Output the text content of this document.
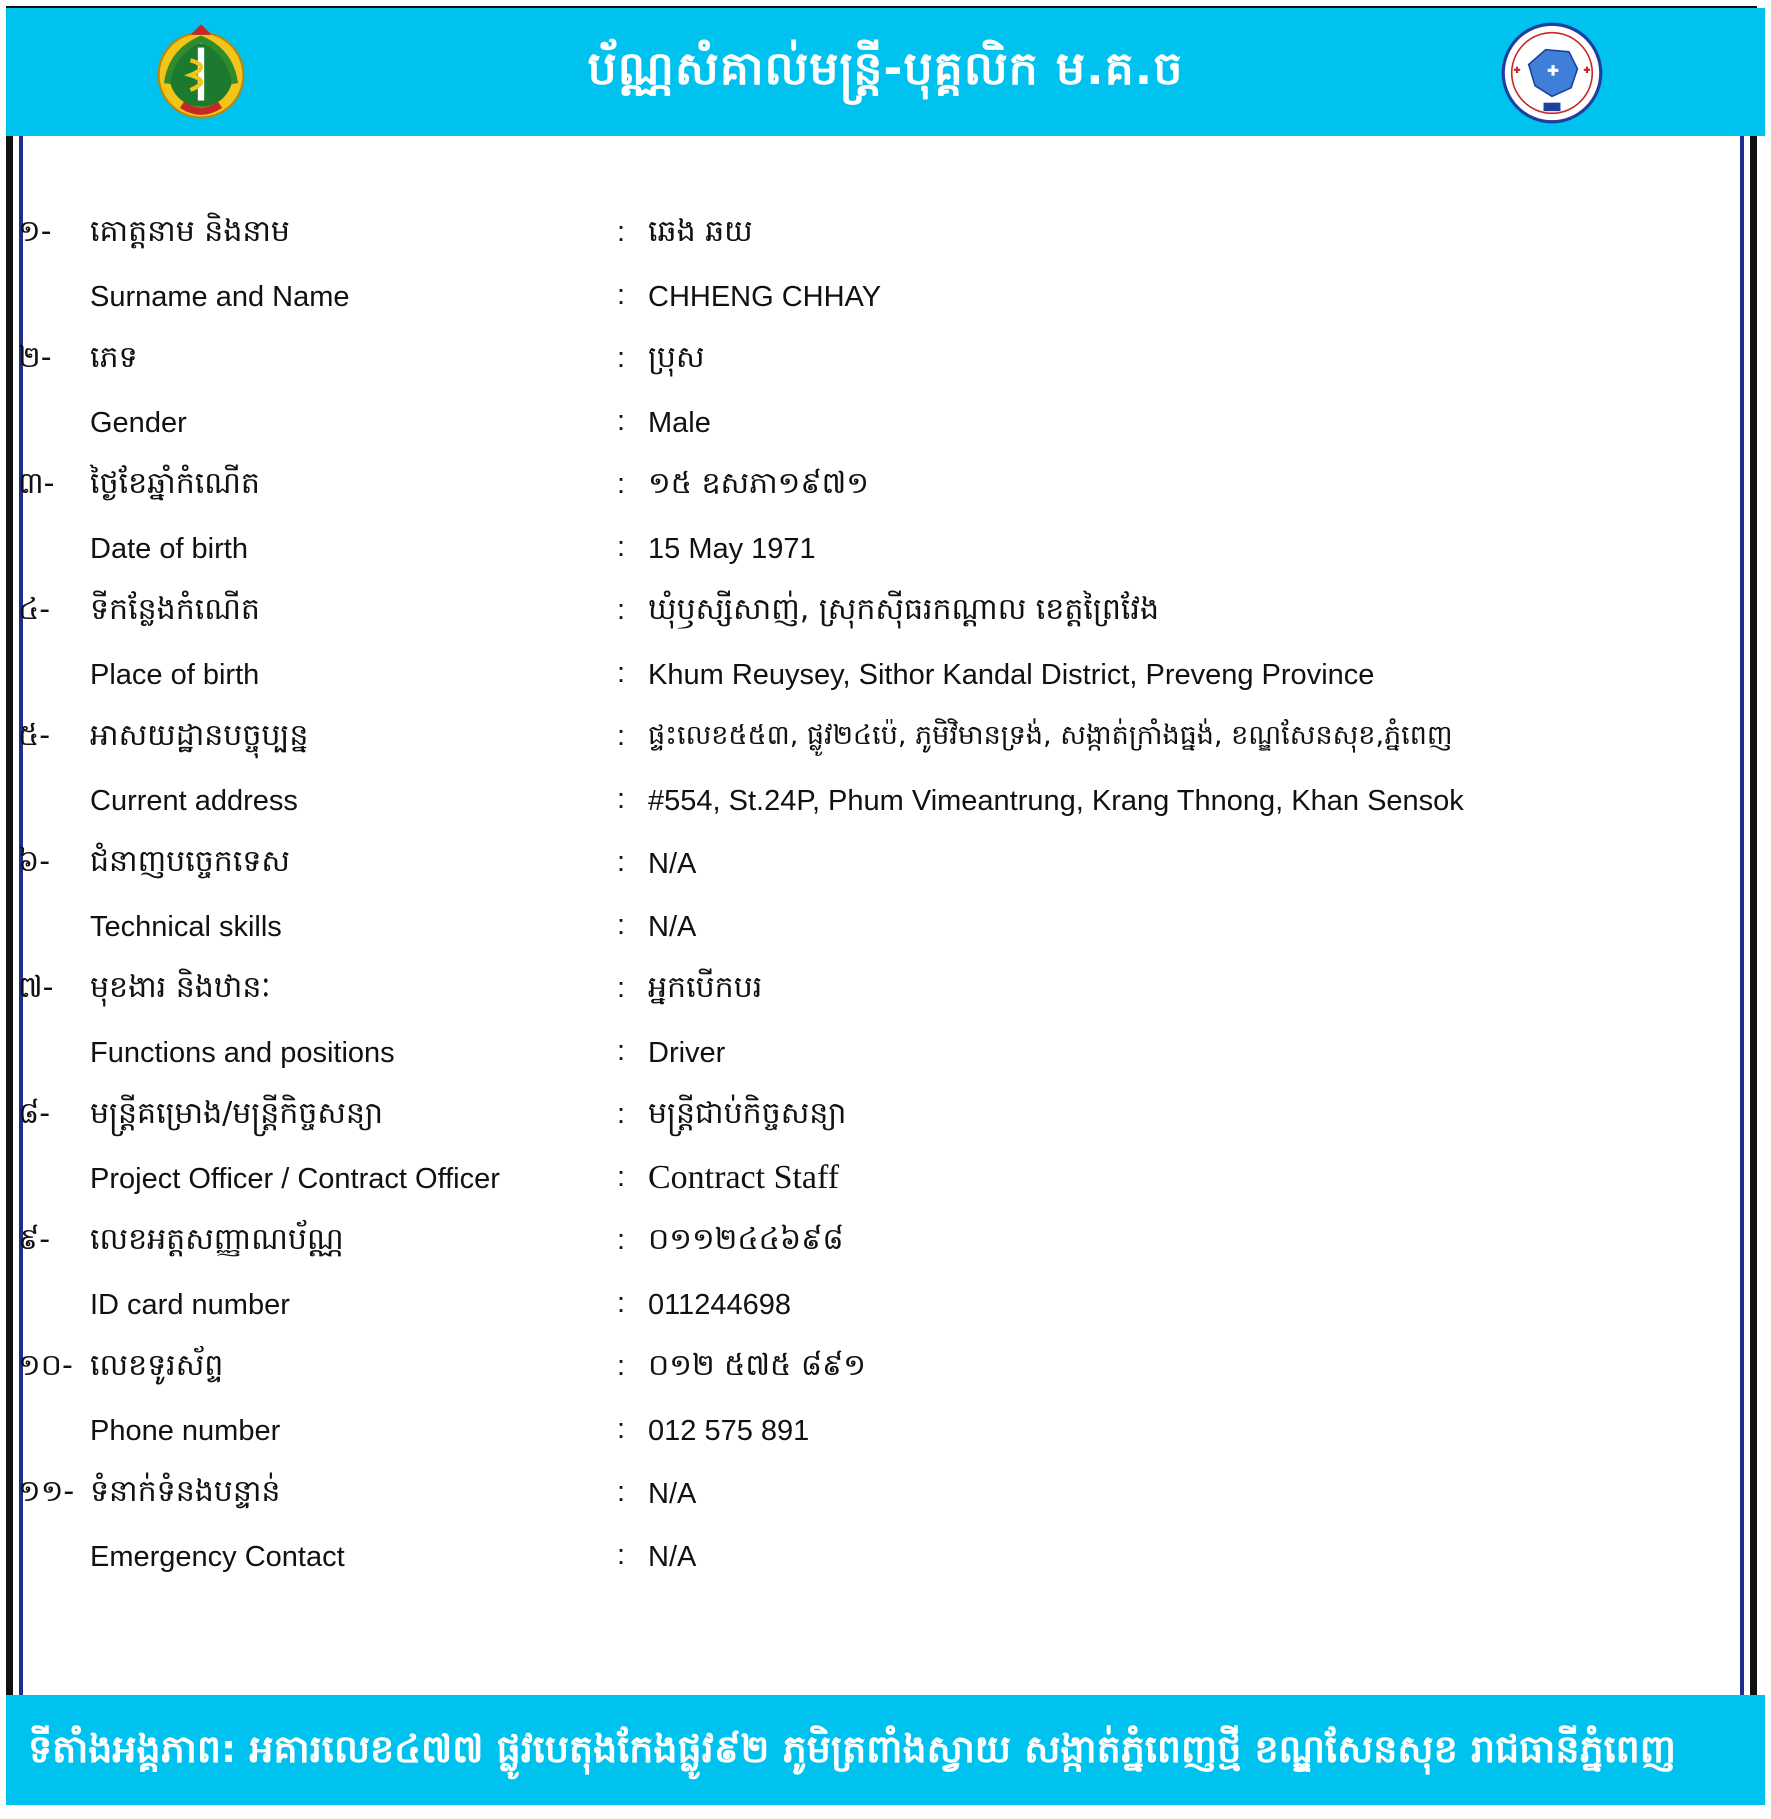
ប័ណ្ណសំគាល់មន្ត្រី-បុគ្គលិក ម.គ.ច
១- គោត្តនាម និងនាម	: ឆេង ឆយ
Surname and Name	: CHHENG CHHAY
២- ភេទ	: ប្រុស
Gender	: Male
៣- ថ្ងៃខែឆ្នាំកំណើត	: ១៥ ឧសភា១៩៧១
Date of birth	: 15 May 1971
៤- ទីកន្លែងកំណើត	: ឃុំឫស្សីសាញ់, ស្រុកស៊ីធរកណ្តាល ខេត្តព្រៃវែង
Place of birth	: Khum Reuysey, Sithor Kandal District, Preveng Province
៥- អាសយដ្ឋានបច្ចុប្បន្ន	: ផ្ទះលេខ៥៥៣, ផ្លូវ២៤ប៉េ, ភូមិវិមានទ្រង់, សង្កាត់ក្រាំងធ្នង់, ខណ្ឌសែនសុខ,ភ្នំពេញ
Current address	: #554, St.24P, Phum Vimeantrung, Krang Thnong, Khan Sensok
៦- ជំនាញបច្ចេកទេស	: N/A
Technical skills	: N/A
៧- មុខងារ និងឋានៈ	: អ្នកបើកបរ
Functions and positions	: Driver
៨- មន្ត្រីគម្រោង/មន្ត្រីកិច្ចសន្យា	: មន្ត្រីជាប់កិច្ចសន្យា
Project Officer / Contract Officer	: Contract Staff
៩- លេខអត្តសញ្ញាណប័ណ្ណ	: ០១១២៤៤៦៩៨
ID card number	: 011244698
១០- លេខទូរស័ព្ទ	: ០១២ ៥៧៥ ៨៩១
Phone number	: 012 575 891
១១- ទំនាក់ទំនងបន្ទាន់	: N/A
Emergency Contact	: N/A
ទីតាំងអង្គភាព: អគារលេខ៤៧៧ ផ្លូវបេតុងកែងផ្លូវ៩២ ភូមិត្រពាំងស្វាយ សង្កាត់ភ្នំពេញថ្មី ខណ្ឌសែនសុខ រាជធានីភ្នំពេញ
